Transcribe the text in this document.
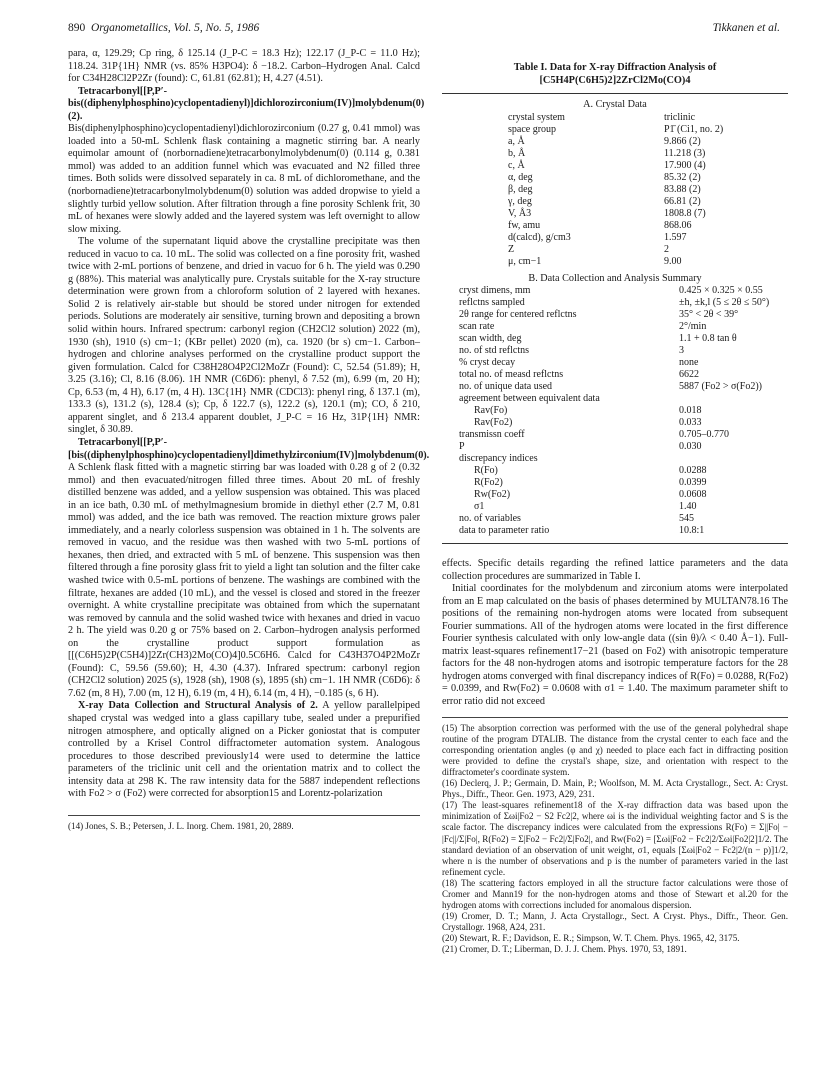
890 Organometallics, Vol. 5, No. 5, 1986	Tikkanen et al.

para, α, 129.29; Cp ring, δ 125.14 (J_P-C = 18.3 Hz); 122.17 (J_P-C = 11.0 Hz); 118.24. 31P{1H} NMR (vs. 85% H3PO4): δ −18.2. Carbon–Hydrogen Anal. Calcd for C34H28Cl2P2Zr (found): C, 61.81 (62.81); H, 4.27 (4.51).

Tetracarbonyl[[P,P′-bis((diphenylphosphino)cyclopentadienyl)]dichlorozirconium(IV)]molybdenum(0) (2).

Bis(diphenylphosphino)cyclopentadienyl)dichlorozirconium (0.27 g, 0.41 mmol) was loaded into a 50-mL Schlenk flask containing a magnetic stirring bar. A nearly equimolar amount of (norbornadiene)tetracarbonylmolybdenum(0) (0.114 g, 0.381 mmol) was added to an addition funnel which was evacuated and N2 filled three times. Both solids were dissolved separately in ca. 8 mL of dichloromethane, and the (norbornadiene)tetracarbonylmolybdenum(0) solution was added dropwise to yield a slightly turbid yellow solution. After filtration through a fine porosity Schlenk frit, 30 mL of hexanes were slowly added and the layered system was left overnight to allow slow mixing.

The volume of the supernatant liquid above the crystalline precipitate was then reduced in vacuo to ca. 10 mL. The solid was collected on a fine porosity frit, washed twice with 2-mL portions of benzene, and dried in vacuo for 6 h. The yield was 0.290 g (88%). This material was analytically pure. Crystals suitable for the X-ray structure determination were grown from a chloroform solution of 2 layered with hexanes. Solid 2 is relatively air-stable but should be stored under nitrogen for extended periods. Solutions are moderately air sensitive, turning brown and depositing a brown solid within hours. Infrared spectrum: carbonyl region (CH2Cl2 solution) 2022 (m), 1930 (sh), 1910 (s) cm−1; (KBr pellet) 2020 (m), ca. 1920 (br s) cm−1. Carbon–hydrogen and chlorine analyses performed on the crystalline product support the given formulation. Calcd for C38H28O4P2Cl2MoZr (Found): C, 52.54 (51.89); H, 3.25 (3.16); Cl, 8.16 (8.06). 1H NMR (C6D6): phenyl, δ 7.52 (m), 6.99 (m, 20 H); Cp, 6.53 (m, 4 H), 6.17 (m, 4 H). 13C{1H} NMR (CDCl3): phenyl ring, δ 137.1 (m), 133.3 (s), 131.2 (s), 128.4 (s); Cp, δ 122.7 (s), 122.2 (s), 120.1 (m); CO, δ 210, apparent singlet, and δ 213.4 apparent doublet, J_P-C = 16 Hz, 31P{1H} NMR: singlet, δ 30.89.

Tetracarbonyl[[P,P′-[bis((diphenylphosphino)cyclopentadienyl]dimethylzirconium(IV)]molybdenum(0). A Schlenk flask fitted with a magnetic stirring bar was loaded with 0.28 g of 2 (0.32 mmol) and then evacuated/nitrogen filled three times. About 20 mL of freshly distilled benzene was added, and a yellow suspension was obtained. This was placed in an ice bath, 0.30 mL of methylmagnesium bromide in diethyl ether (2.7 M, 0.81 mmol) was added, and the ice bath was removed. The reaction mixture grows paler immediately, and a nearly colorless suspension was obtained in 1 h. The solvents are removed in vacuo, and the residue was then washed with two 5-mL portions of hexanes, then dried, and extracted with 5 mL of benzene. This suspension was then filtered through a fine porosity glass frit to yield a light tan solution and the filter cake washed twice with 0.5-mL portions of benzene. The washings are combined with the filtrate, hexanes are added (10 mL), and the vessel is closed and stored in the freezer overnight. A white crystalline precipitate was obtained from which the supernatant was removed by cannula and the solid washed twice with hexanes and dried in vacuo 2 h. The yield was 0.20 g or 75% based on 2. Carbon–hydrogen analysis performed on the crystalline product support formulation as [[(C6H5)2P(C5H4)]2Zr(CH3)2Mo(CO)4]0.5C6H6. Calcd for C43H37O4P2MoZr (Found): C, 59.56 (59.60); H, 4.30 (4.37). Infrared spectrum: carbonyl region (CH2Cl2 solution) 2025 (s), 1928 (sh), 1908 (s), 1895 (sh) cm−1. 1H NMR (C6D6): δ 7.62 (m, 8 H), 7.00 (m, 12 H), 6.19 (m, 4 H), 6.14 (m, 4 H), −0.185 (s, 6 H).

X-ray Data Collection and Structural Analysis of 2. A yellow parallelpiped shaped crystal was wedged into a glass capillary tube, sealed under a prepurified nitrogen atmosphere, and optically aligned on a Picker goniostat that is computer controlled by a Krisel Control diffractometer automation system. Analogous procedures to those described previously14 were used to determine the lattice parameters of the triclinic unit cell and the orientation matrix and to collect the intensity data at 298 K. The raw intensity data for the 5887 independent reflections with Fo2 > σ (Fo2) were corrected for absorption15 and Lorentz-polarization

(14) Jones, S. B.; Petersen, J. L. Inorg. Chem. 1981, 20, 2889.
Table I. Data for X-ray Diffraction Analysis of
[C5H4P(C6H5)2]2ZrCl2Mo(CO)4
A. Crystal Data
crystal system	triclinic
space group	P1̄ (Ci1, no. 2)
a, Å	9.866 (2)
b, Å	11.218 (3)
c, Å	17.900 (4)
α, deg	85.32 (2)
β, deg	83.88 (2)
γ, deg	66.81 (2)
V, Å3	1808.8 (7)
fw, amu	868.06
d(calcd), g/cm3	1.597
Z	2
μ, cm−1	9.00
B. Data Collection and Analysis Summary
cryst dimens, mm	0.425 × 0.325 × 0.55
reflctns sampled	±h, ±k,l (5 ≤ 2θ ≤ 50°)
2θ range for centered reflctns	35° < 2θ < 39°
scan rate	2°/min
scan width, deg	1.1 + 0.8 tan θ
no. of std reflctns	3
% cryst decay	none
total no. of measd reflctns	6622
no. of unique data used	5887 (Fo2 > σ(Fo2))
agreement between equivalent data	
Rav(Fo)	0.018
Rav(Fo2)	0.033
transmissn coeff	0.705–0.770
P	0.030
discrepancy indices	
R(Fo)	0.0288
R(Fo2)	0.0399
Rw(Fo2)	0.0608
σ1	1.40
no. of variables	545
data to parameter ratio	10.8:1

effects. Specific details regarding the refined lattice parameters and the data collection procedures are summarized in Table I.

Initial coordinates for the molybdenum and zirconium atoms were interpolated from an E map calculated on the basis of phases determined by MULTAN78.16 The positions of the remaining non-hydrogen atoms were located from subsequent Fourier summations. All of the hydrogen atoms were located in the first difference Fourier synthesis calculated with only low-angle data ((sin θ)/λ < 0.40 Å−1). Full-matrix least-squares refinement17−21 (based on Fo2) with anisotropic temperature factors for the 48 non-hydrogen atoms and isotropic temperature factors for the 28 hydrogen atoms converged with final discrepancy indices of R(Fo) = 0.0288, R(Fo2) = 0.0399, and Rw(Fo2) = 0.0608 with σ1 = 1.40. The maximum parameter shift to error ratio did not exceed

(15) The absorption correction was performed with the use of the general polyhedral shape routine of the program DTALIB. The distance from the crystal center to each face and the corresponding orientation angles (φ and χ) needed to place each fact in diffracting position were provided to define the crystal's shape, size, and orientation with respect to the diffractometer's coordinate system.
(16) Declerq, J. P.; Germain, D. Main, P.; Woolfson, M. M. Acta Crystallogr., Sect. A: Cryst. Phys., Diffr., Theor. Gen. 1973, A29, 231.
(17) The least-squares refinement18 of the X-ray diffraction data was based upon the minimization of Σωi|Fo2 − S2 Fc2|2, where ωi is the individual weighting factor and S is the scale factor. The discrepancy indices were calculated from the expressions R(Fo) = Σ||Fo| − |Fc||/Σ|Fo|, R(Fo2) = Σ|Fo2 − Fc2|/Σ|Fo2|, and Rw(Fo2) = [Σωi|Fo2 − Fc2|2/Σωi|Fo2|2]1/2. The standard deviation of an observation of unit weight, σ1, equals [Σωi|Fo2 − Fc2|2/(n − p)]1/2, where n is the number of observations and p is the number of parameters varied in the last refinement cycle.
(18) The scattering factors employed in all the structure factor calculations were those of Cromer and Mann19 for the non-hydrogen atoms and those of Stewart et al.20 for the hydrogen atoms with corrections included for anomalous dispersion.
(19) Cromer, D. T.; Mann, J. Acta Crystallogr., Sect. A Cryst. Phys., Diffr., Theor. Gen. Crystallogr. 1968, A24, 231.
(20) Stewart, R. F.; Davidson, E. R.; Simpson, W. T. Chem. Phys. 1965, 42, 3175.
(21) Cromer, D. T.; Liberman, D. J. J. Chem. Phys. 1970, 53, 1891.
